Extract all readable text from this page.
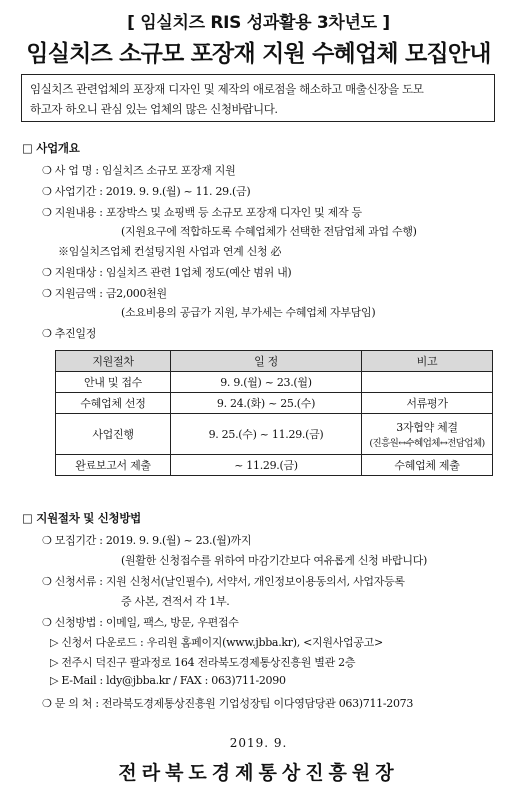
[ 임실치즈 RIS 성과활용 3차년도 ]
임실치즈 소규모 포장재 지원 수혜업체 모집안내
임실치즈 관련업체의 포장재 디자인 및 제작의 애로점을 해소하고 매출신장을 도모
하고자 하오니 관심 있는 업체의 많은 신청바랍니다.
□ 사업개요
❍ 사 업 명 : 임실치즈 소규모 포장재 지원
❍ 사업기간 : 2019. 9. 9.(월) ~ 11. 29.(금)
❍ 지원내용 : 포장박스 및 쇼핑백 등 소규모 포장재 디자인 및 제작 등
(지원요구에 적합하도록 수혜업체가 선택한 전담업체 과업 수행)
※임실치즈업체 컨설팅지원 사업과 연계 신청 必
❍ 지원대상 : 임실치즈 관련 1업체 정도(예산 범위 내)
❍ 지원금액 : 금2,000천원
(소요비용의 공급가 지원, 부가세는 수혜업체 자부담임)
❍ 추진일정
지원절차	일 정	비고
안내 및 접수	9. 9.(월) ~ 23.(월)	
수혜업체 선정	9. 24.(화) ~ 25.(수)	서류평가
사업진행	9. 25.(수) ~ 11.29.(금)	3자협약 체결
(진흥원↔수혜업체↔전담업체)

완료보고서 제출	~ 11.29.(금)	수혜업체 제출
□ 지원절차 및 신청방법
❍ 모집기간 : 2019. 9. 9.(월) ~ 23.(월)까지
(원활한 신청접수를 위하여 마감기간보다 여유롭게 신청 바랍니다)
❍ 신청서류 : 지원 신청서(날인필수), 서약서, 개인정보이용동의서, 사업자등록
증 사본, 견적서 각 1부.
❍ 신청방법 : 이메일, 팩스, 방문, 우편접수
▷ 신청서 다운로드 : 우리원 홈페이지(www.jbba.kr), <지원사업공고>
▷ 전주시 덕진구 팔과정로 164 전라북도경제통상진흥원 별관 2층
▷ E-Mail : ldy@jbba.kr / FAX : 063)711-2090
❍ 문 의 처 : 전라북도경제통상진흥원 기업성장팀 이다영담당관 063)711-2073
2019. 9.
전라북도경제통상진흥원장
